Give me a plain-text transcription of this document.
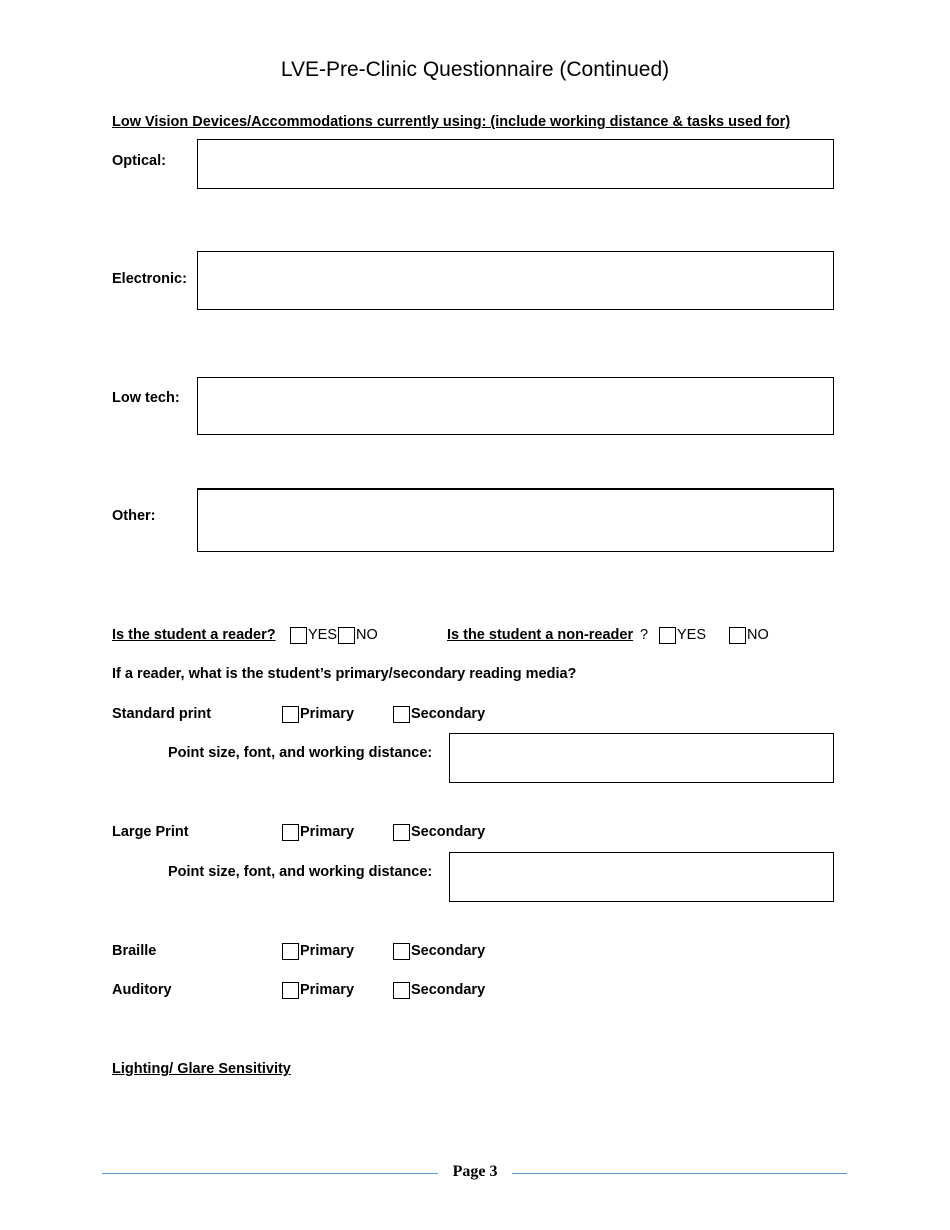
LVE-Pre-Clinic Questionnaire (Continued)
Low Vision Devices/Accommodations currently using: (include working distance & tasks used for)
Optical:
Electronic:
Low tech:
Other:
Is the student a reader? YES NO	Is the student a non-reader ? YES	NO
If a reader, what is the student’s primary/secondary reading media?
Standard print	Primary	Secondary
Point size, font, and working distance:
Large Print	Primary	Secondary
Point size, font, and working distance:
Braille	Primary	Secondary
Auditory	Primary	Secondary
Lighting/ Glare Sensitivity
Page 3
